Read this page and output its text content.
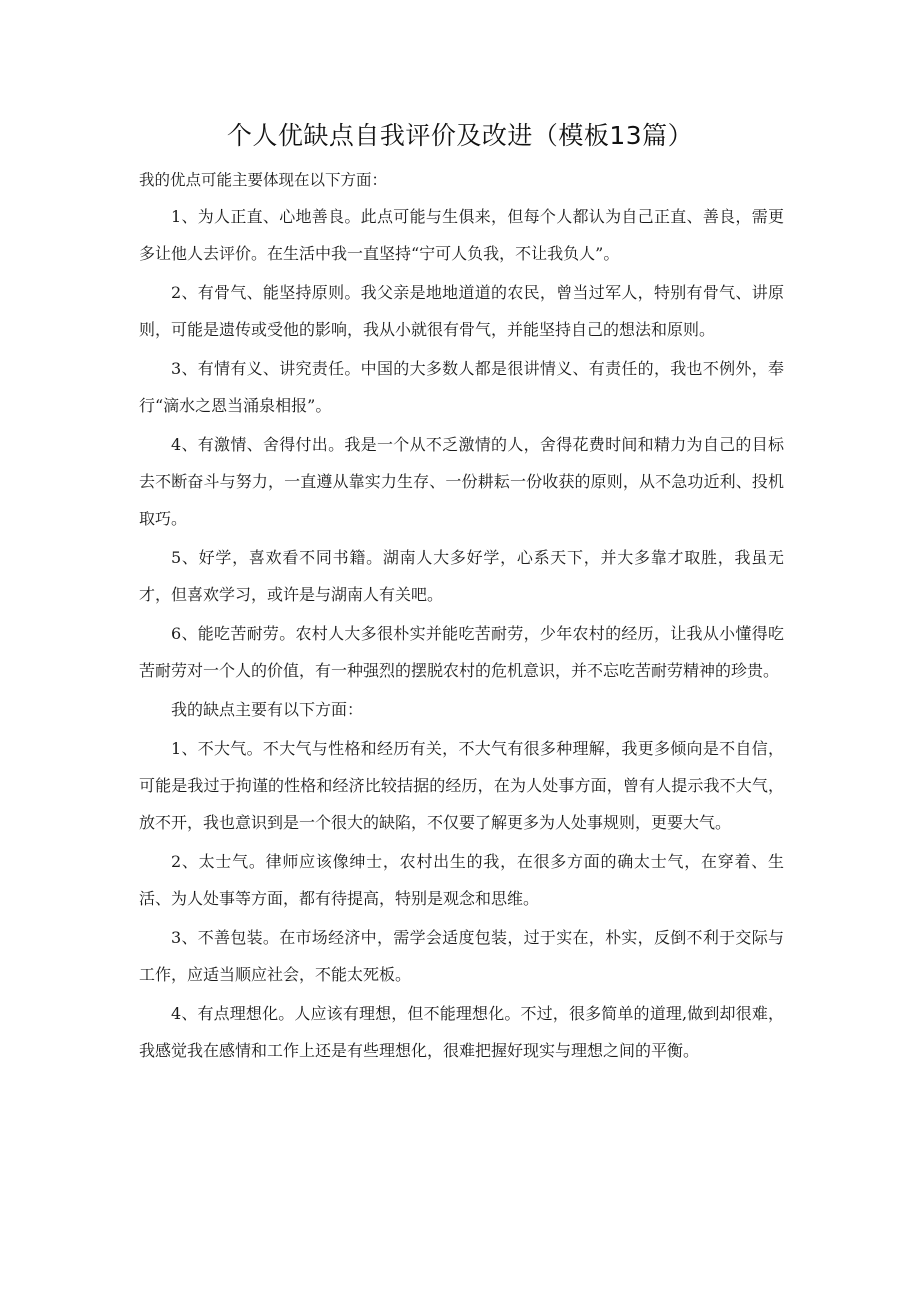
个人优缺点自我评价及改进（模板13篇）

我的优点可能主要体现在以下方面：

1、为人正直、心地善良。此点可能与生俱来，但每个人都认为自己正直、善良，需更多让他人去评价。在生活中我一直坚持“宁可人负我，不让我负人”。

2、有骨气、能坚持原则。我父亲是地地道道的农民，曾当过军人，特别有骨气、讲原则，可能是遗传或受他的影响，我从小就很有骨气，并能坚持自己的想法和原则。

3、有情有义、讲究责任。中国的大多数人都是很讲情义、有责任的，我也不例外，奉行“滴水之恩当涌泉相报”。

4、有激情、舍得付出。我是一个从不乏激情的人，舍得花费时间和精力为自己的目标去不断奋斗与努力，一直遵从靠实力生存、一份耕耘一份收获的原则，从不急功近利、投机取巧。

5、好学，喜欢看不同书籍。湖南人大多好学，心系天下，并大多靠才取胜，我虽无才，但喜欢学习，或许是与湖南人有关吧。

6、能吃苦耐劳。农村人大多很朴实并能吃苦耐劳，少年农村的经历，让我从小懂得吃苦耐劳对一个人的价值，有一种强烈的摆脱农村的危机意识，并不忘吃苦耐劳精神的珍贵。

我的缺点主要有以下方面：

1、不大气。不大气与性格和经历有关，不大气有很多种理解，我更多倾向是不自信，可能是我过于拘谨的性格和经济比较拮据的经历，在为人处事方面，曾有人提示我不大气，放不开，我也意识到是一个很大的缺陷，不仅要了解更多为人处事规则，更要大气。

2、太士气。律师应该像绅士，农村出生的我，在很多方面的确太士气，在穿着、生活、为人处事等方面，都有待提高，特别是观念和思维。

3、不善包装。在市场经济中，需学会适度包装，过于实在，朴实，反倒不利于交际与工作，应适当顺应社会，不能太死板。

4、有点理想化。人应该有理想，但不能理想化。不过，很多简单的道理,做到却很难，我感觉我在感情和工作上还是有些理想化，很难把握好现实与理想之间的平衡。
